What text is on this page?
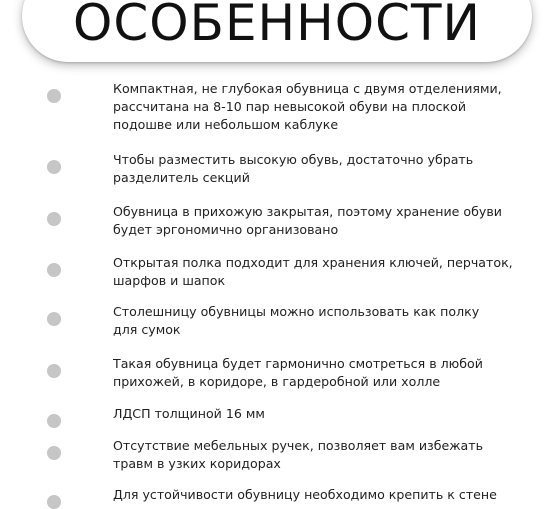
ОСОБЕННОСТИ
Компактная, не глубокая обувница с двумя отделениями,
рассчитана на 8-10 пар невысокой обуви на плоской
подошве или небольшом каблуке
Чтобы разместить высокую обувь, достаточно убрать
разделитель секций
Обувница в прихожую закрытая, поэтому хранение обуви
будет эргономично организовано
Открытая полка подходит для хранения ключей, перчаток,
шарфов и шапок
Столешницу обувницы можно использовать как полку
для сумок
Такая обувница будет гармонично смотреться в любой
прихожей, в коридоре, в гардеробной или холле
ЛДСП толщиной 16 мм
Отсутствие мебельных ручек, позволяет вам избежать
травм в узких коридорах
Для устойчивости обувницу необходимо крепить к стене
